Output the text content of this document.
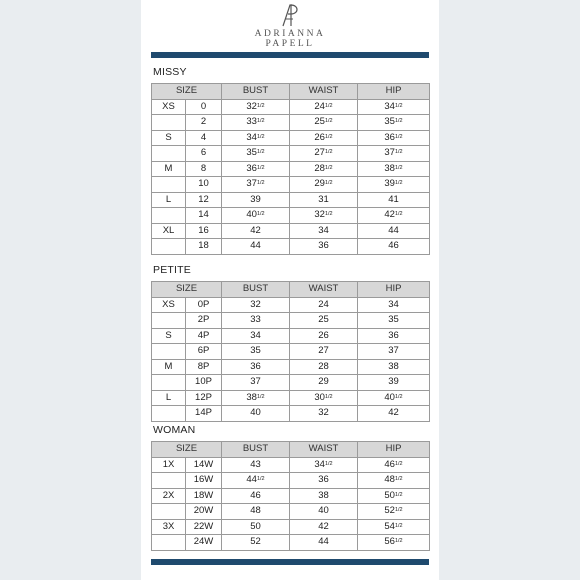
ADRIANNA
PAPELL
MISSY
SIZE		BUST	WAIST	HIP
XS	0	$32^{1/2}$	$24^{1/2}$	$34^{1/2}$
	2	$33^{1/2}$	$25^{1/2}$	$35^{1/2}$
S	4	$34^{1/2}$	$26^{1/2}$	$36^{1/2}$
	6	$35^{1/2}$	$27^{1/2}$	$37^{1/2}$
M	8	$36^{1/2}$	$28^{1/2}$	$38^{1/2}$
	10	$37^{1/2}$	$29^{1/2}$	$39^{1/2}$
L	12	39	31	41
	14	$40^{1/2}$	$32^{1/2}$	$42^{1/2}$
XL	16	42	34	44
	18	44	36	46
PETITE
SIZE		BUST	WAIST	HIP
XS	0P	32	24	34
	2P	33	25	35
S	4P	34	26	36
	6P	35	27	37
M	8P	36	28	38
	10P	37	29	39
L	12P	$38^{1/2}$	$30^{1/2}$	$40^{1/2}$
	14P	40	32	42
WOMAN
SIZE		BUST	WAIST	HIP
1X	14W	43	$34^{1/2}$	$46^{1/2}$
	16W	$44^{1/2}$	36	$48^{1/2}$
2X	18W	46	38	$50^{1/2}$
	20W	48	40	$52^{1/2}$
3X	22W	50	42	$54^{1/2}$
	24W	52	44	$56^{1/2}$
